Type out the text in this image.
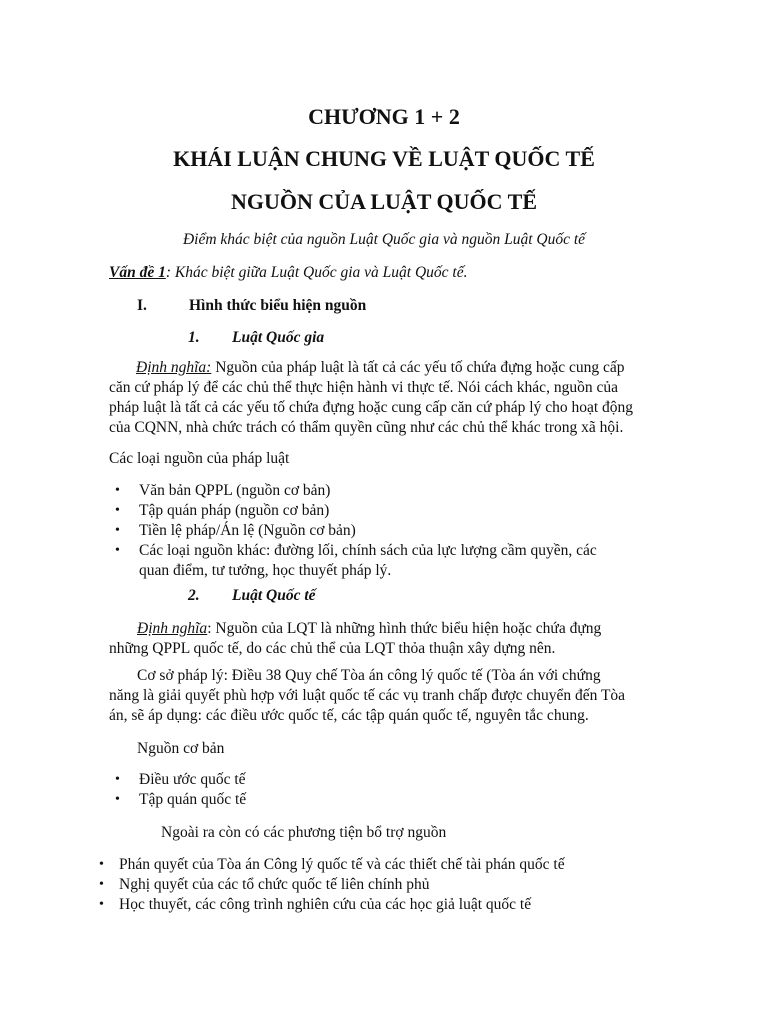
CHƯƠNG 1 + 2
KHÁI LUẬN CHUNG VỀ LUẬT QUỐC TẾ
NGUỒN CỦA LUẬT QUỐC TẾ
Điểm khác biệt của nguồn Luật Quốc gia và nguồn Luật Quốc tế
Vấn đề 1: Khác biệt giữa Luật Quốc gia và Luật Quốc tế.
I.	Hình thức biểu hiện nguồn
1. Luật Quốc gia
Định nghĩa: Nguồn của pháp luật là tất cả các yếu tố chứa đựng hoặc cung cấp
căn cứ pháp lý để các chủ thể thực hiện hành vi thực tế. Nói cách khác, nguồn của
pháp luật là tất cả các yếu tố chứa đựng hoặc cung cấp căn cứ pháp lý cho hoạt động
của CQNN, nhà chức trách có thẩm quyền cũng như các chủ thể khác trong xã hội.
Các loại nguồn của pháp luật
• Văn bản QPPL (nguồn cơ bản)
• Tập quán pháp (nguồn cơ bản)
• Tiền lệ pháp/Án lệ (Nguồn cơ bản)
• Các loại nguồn khác: đường lối, chính sách của lực lượng cầm quyền, các
quan điểm, tư tưởng, học thuyết pháp lý.
2. Luật Quốc tế
Định nghĩa: Nguồn của LQT là những hình thức biểu hiện hoặc chứa đựng
những QPPL quốc tế, do các chủ thể của LQT thỏa thuận xây dựng nên.
Cơ sở pháp lý: Điều 38 Quy chế Tòa án công lý quốc tế (Tòa án với chứng
năng là giải quyết phù hợp với luật quốc tế các vụ tranh chấp được chuyển đến Tòa
án, sẽ áp dụng: các điều ước quốc tế, các tập quán quốc tế, nguyên tắc chung.
Nguồn cơ bản
• Điều ước quốc tế
• Tập quán quốc tế
Ngoài ra còn có các phương tiện bổ trợ nguồn
• Phán quyết của Tòa án Công lý quốc tế và các thiết chế tài phán quốc tế
• Nghị quyết của các tổ chức quốc tế liên chính phủ
• Học thuyết, các công trình nghiên cứu của các học giả luật quốc tế
